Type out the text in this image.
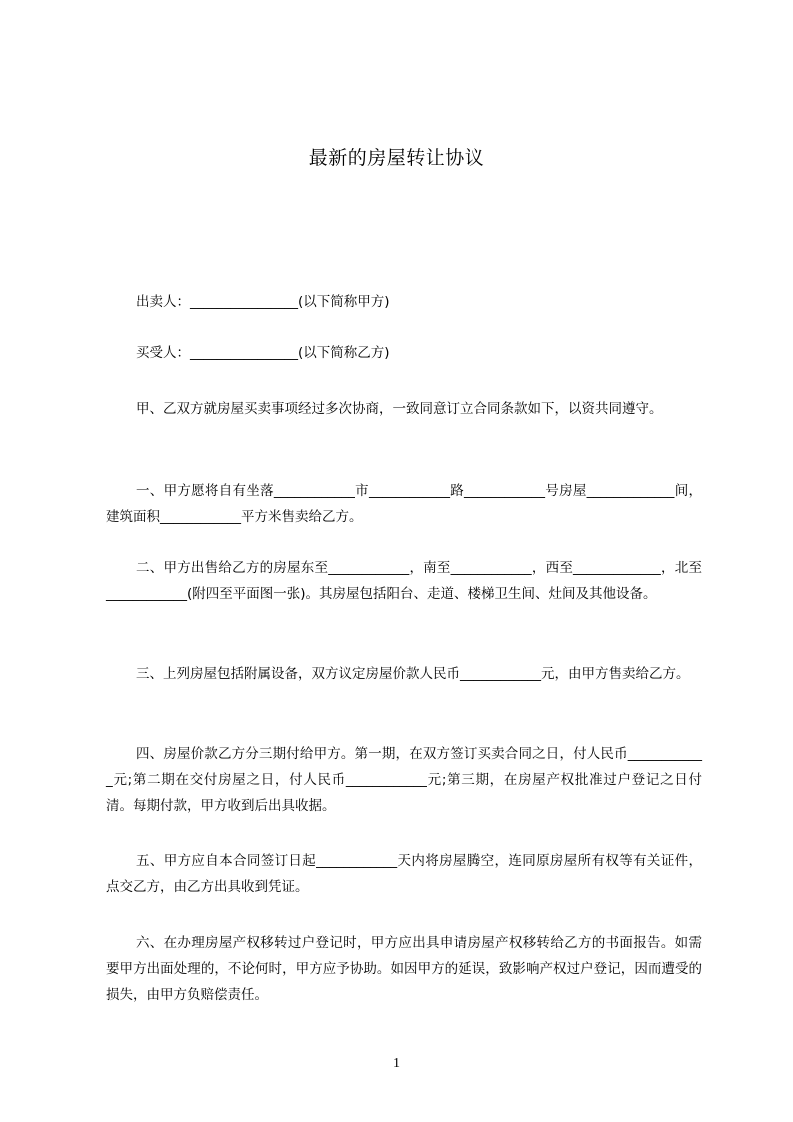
最新的房屋转让协议

出卖人：________________(以下简称甲方)

买受人：________________(以下简称乙方)

甲、乙双方就房屋买卖事项经过多次协商，一致同意订立合同条款如下，以资共同遵守。

一、甲方愿将自有坐落____________市____________路____________号房屋_____________间，建筑面积____________平方米售卖给乙方。

二、甲方出售给乙方的房屋东至____________，南至____________，西至_____________，北至____________(附四至平面图一张)。其房屋包括阳台、走道、楼梯卫生间、灶间及其他设备。

三、上列房屋包括附属设备，双方议定房屋价款人民币____________元，由甲方售卖给乙方。

四、房屋价款乙方分三期付给甲方。第一期，在双方签订买卖合同之日，付人民币____________元;第二期在交付房屋之日，付人民币____________元;第三期，在房屋产权批准过户登记之日付清。每期付款，甲方收到后出具收据。

五、甲方应自本合同签订日起____________天内将房屋腾空，连同原房屋所有权等有关证件，点交乙方，由乙方出具收到凭证。

六、在办理房屋产权移转过户登记时，甲方应出具申请房屋产权移转给乙方的书面报告。如需要甲方出面处理的，不论何时，甲方应予协助。如因甲方的延误，致影响产权过户登记，因而遭受的损失，由甲方负赔偿责任。

1
